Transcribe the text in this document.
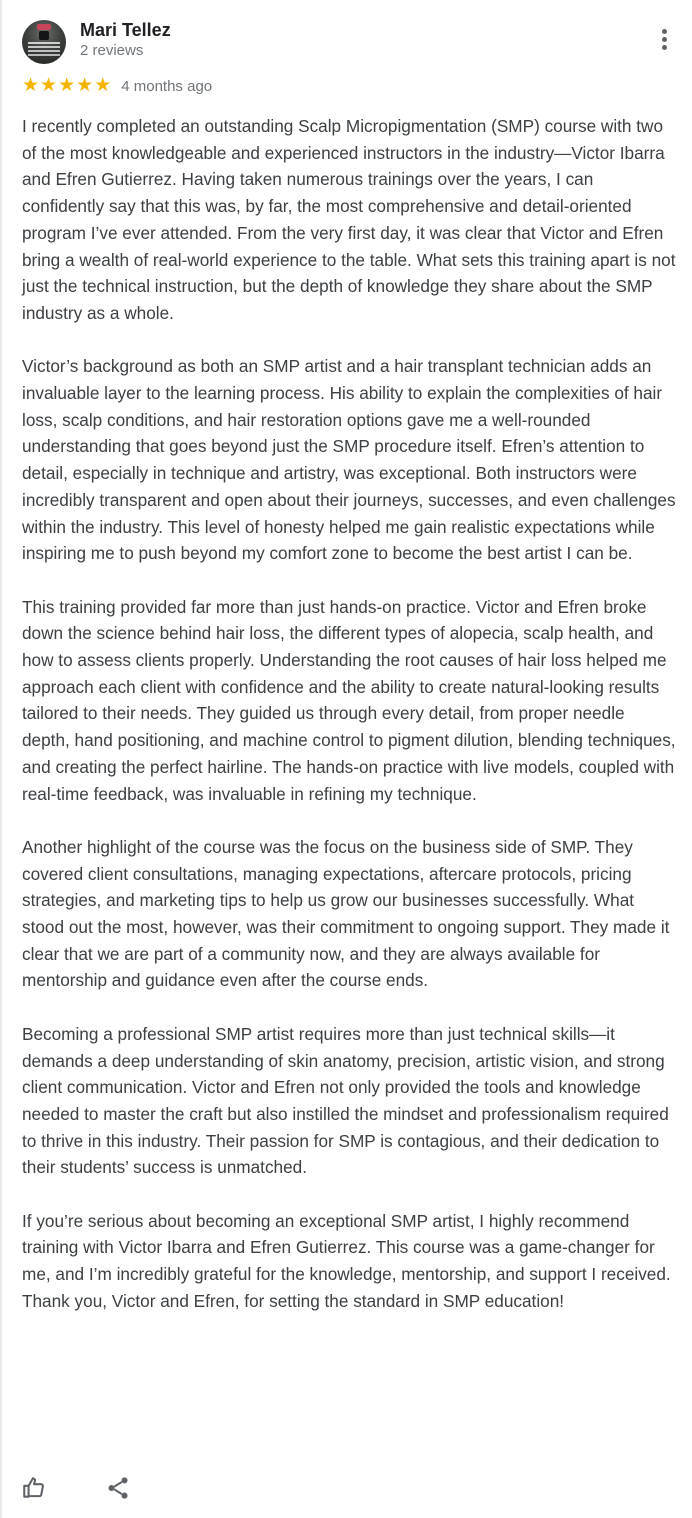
Mari Tellez
2 reviews
★ ★ ★ ★ ★ 4 months ago

I recently completed an outstanding Scalp Micropigmentation (SMP) course with two of the most knowledgeable and experienced instructors in the industry—Victor Ibarra and Efren Gutierrez. Having taken numerous trainings over the years, I can confidently say that this was, by far, the most comprehensive and detail-oriented program I’ve ever attended. From the very first day, it was clear that Victor and Efren bring a wealth of real-world experience to the table. What sets this training apart is not just the technical instruction, but the depth of knowledge they share about the SMP industry as a whole.

Victor’s background as both an SMP artist and a hair transplant technician adds an invaluable layer to the learning process. His ability to explain the complexities of hair loss, scalp conditions, and hair restoration options gave me a well-rounded understanding that goes beyond just the SMP procedure itself. Efren’s attention to detail, especially in technique and artistry, was exceptional. Both instructors were incredibly transparent and open about their journeys, successes, and even challenges within the industry. This level of honesty helped me gain realistic expectations while inspiring me to push beyond my comfort zone to become the best artist I can be.

This training provided far more than just hands-on practice. Victor and Efren broke down the science behind hair loss, the different types of alopecia, scalp health, and how to assess clients properly. Understanding the root causes of hair loss helped me approach each client with confidence and the ability to create natural-looking results tailored to their needs. They guided us through every detail, from proper needle depth, hand positioning, and machine control to pigment dilution, blending techniques, and creating the perfect hairline. The hands-on practice with live models, coupled with real-time feedback, was invaluable in refining my technique.

Another highlight of the course was the focus on the business side of SMP. They covered client consultations, managing expectations, aftercare protocols, pricing strategies, and marketing tips to help us grow our businesses successfully. What stood out the most, however, was their commitment to ongoing support. They made it clear that we are part of a community now, and they are always available for mentorship and guidance even after the course ends.

Becoming a professional SMP artist requires more than just technical skills—it demands a deep understanding of skin anatomy, precision, artistic vision, and strong client communication. Victor and Efren not only provided the tools and knowledge needed to master the craft but also instilled the mindset and professionalism required to thrive in this industry. Their passion for SMP is contagious, and their dedication to their students’ success is unmatched.

If you’re serious about becoming an exceptional SMP artist, I highly recommend training with Victor Ibarra and Efren Gutierrez. This course was a game-changer for me, and I’m incredibly grateful for the knowledge, mentorship, and support I received. Thank you, Victor and Efren, for setting the standard in SMP education!
